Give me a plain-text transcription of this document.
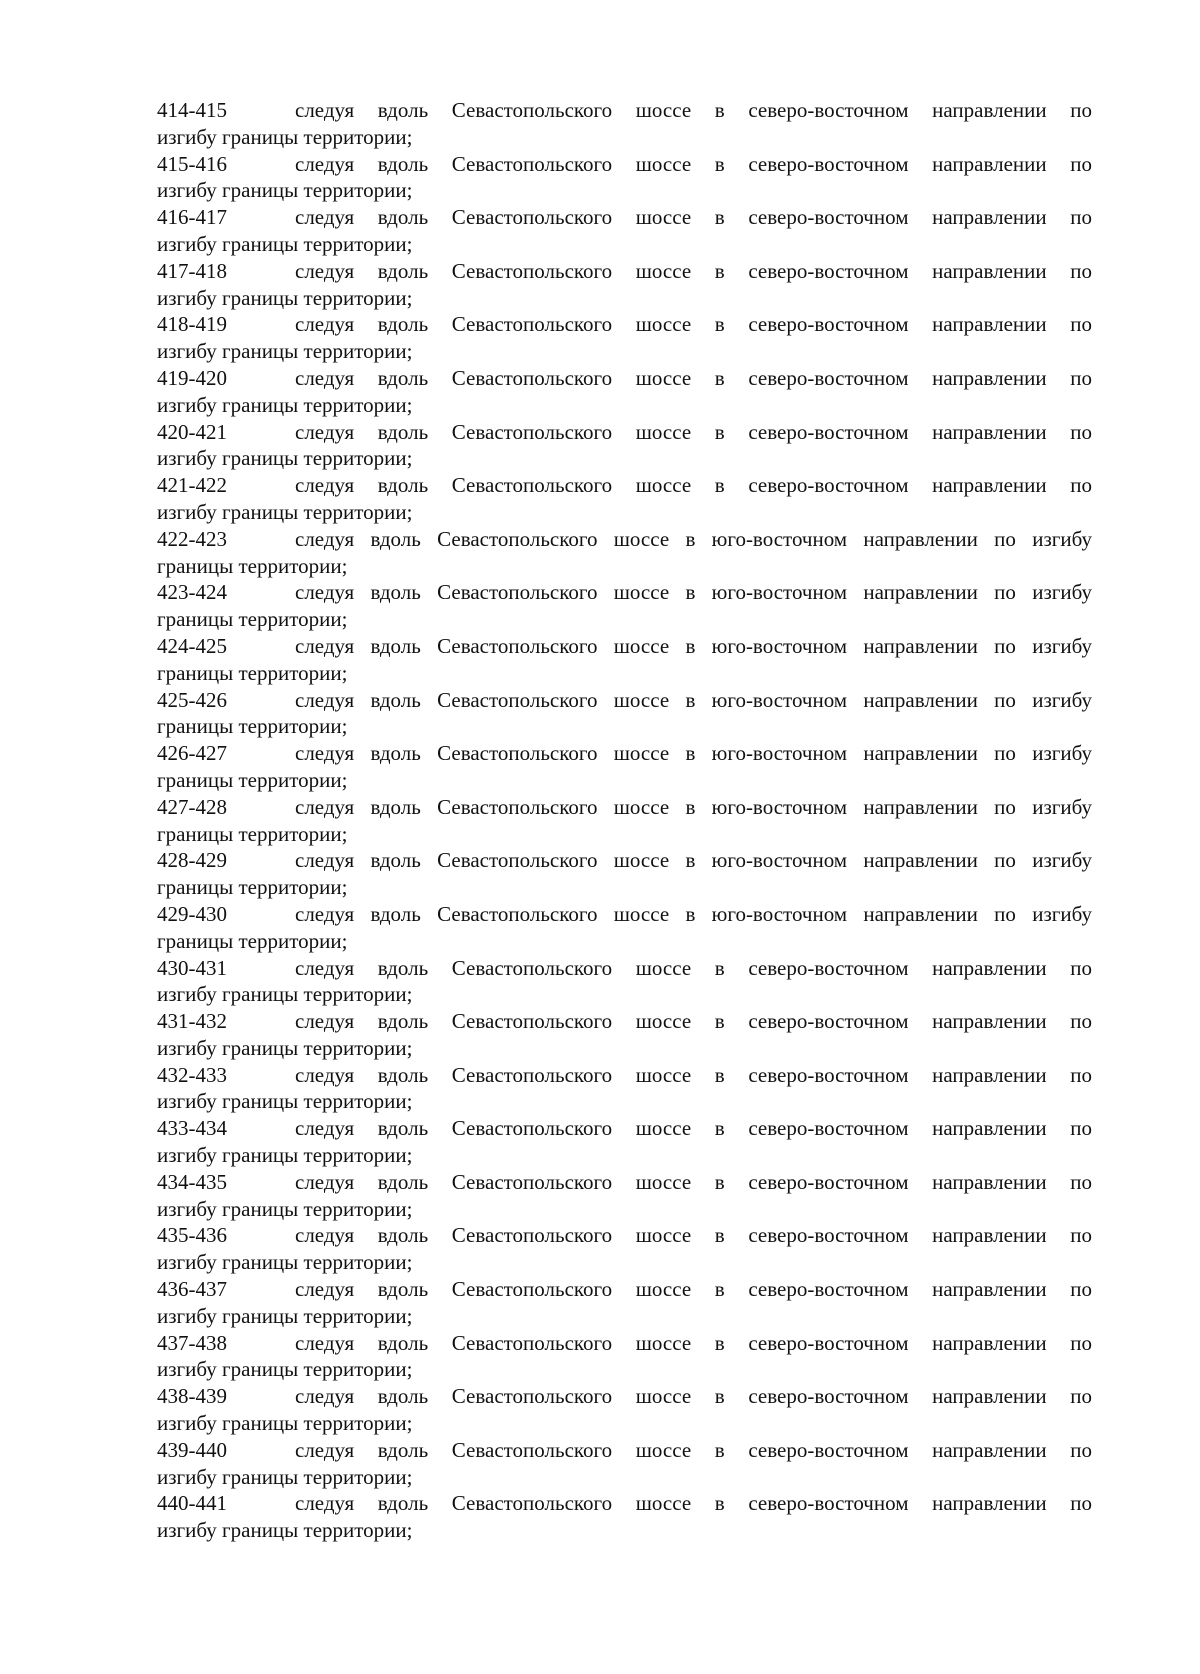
414-415	следуя вдоль Севастопольского шоссе в северо-восточном направлении по
изгибу границы территории;
415-416	следуя вдоль Севастопольского шоссе в северо-восточном направлении по
изгибу границы территории;
416-417	следуя вдоль Севастопольского шоссе в северо-восточном направлении по
изгибу границы территории;
417-418	следуя вдоль Севастопольского шоссе в северо-восточном направлении по
изгибу границы территории;
418-419	следуя вдоль Севастопольского шоссе в северо-восточном направлении по
изгибу границы территории;
419-420	следуя вдоль Севастопольского шоссе в северо-восточном направлении по
изгибу границы территории;
420-421	следуя вдоль Севастопольского шоссе в северо-восточном направлении по
изгибу границы территории;
421-422	следуя вдоль Севастопольского шоссе в северо-восточном направлении по
изгибу границы территории;
422-423	следуя вдоль Севастопольского шоссе в юго-восточном направлении по изгибу
границы территории;
423-424	следуя вдоль Севастопольского шоссе в юго-восточном направлении по изгибу
границы территории;
424-425	следуя вдоль Севастопольского шоссе в юго-восточном направлении по изгибу
границы территории;
425-426	следуя вдоль Севастопольского шоссе в юго-восточном направлении по изгибу
границы территории;
426-427	следуя вдоль Севастопольского шоссе в юго-восточном направлении по изгибу
границы территории;
427-428	следуя вдоль Севастопольского шоссе в юго-восточном направлении по изгибу
границы территории;
428-429	следуя вдоль Севастопольского шоссе в юго-восточном направлении по изгибу
границы территории;
429-430	следуя вдоль Севастопольского шоссе в юго-восточном направлении по изгибу
границы территории;
430-431	следуя вдоль Севастопольского шоссе в северо-восточном направлении по
изгибу границы территории;
431-432	следуя вдоль Севастопольского шоссе в северо-восточном направлении по
изгибу границы территории;
432-433	следуя вдоль Севастопольского шоссе в северо-восточном направлении по
изгибу границы территории;
433-434	следуя вдоль Севастопольского шоссе в северо-восточном направлении по
изгибу границы территории;
434-435	следуя вдоль Севастопольского шоссе в северо-восточном направлении по
изгибу границы территории;
435-436	следуя вдоль Севастопольского шоссе в северо-восточном направлении по
изгибу границы территории;
436-437	следуя вдоль Севастопольского шоссе в северо-восточном направлении по
изгибу границы территории;
437-438	следуя вдоль Севастопольского шоссе в северо-восточном направлении по
изгибу границы территории;
438-439	следуя вдоль Севастопольского шоссе в северо-восточном направлении по
изгибу границы территории;
439-440	следуя вдоль Севастопольского шоссе в северо-восточном направлении по
изгибу границы территории;
440-441	следуя вдоль Севастопольского шоссе в северо-восточном направлении по
изгибу границы территории;
